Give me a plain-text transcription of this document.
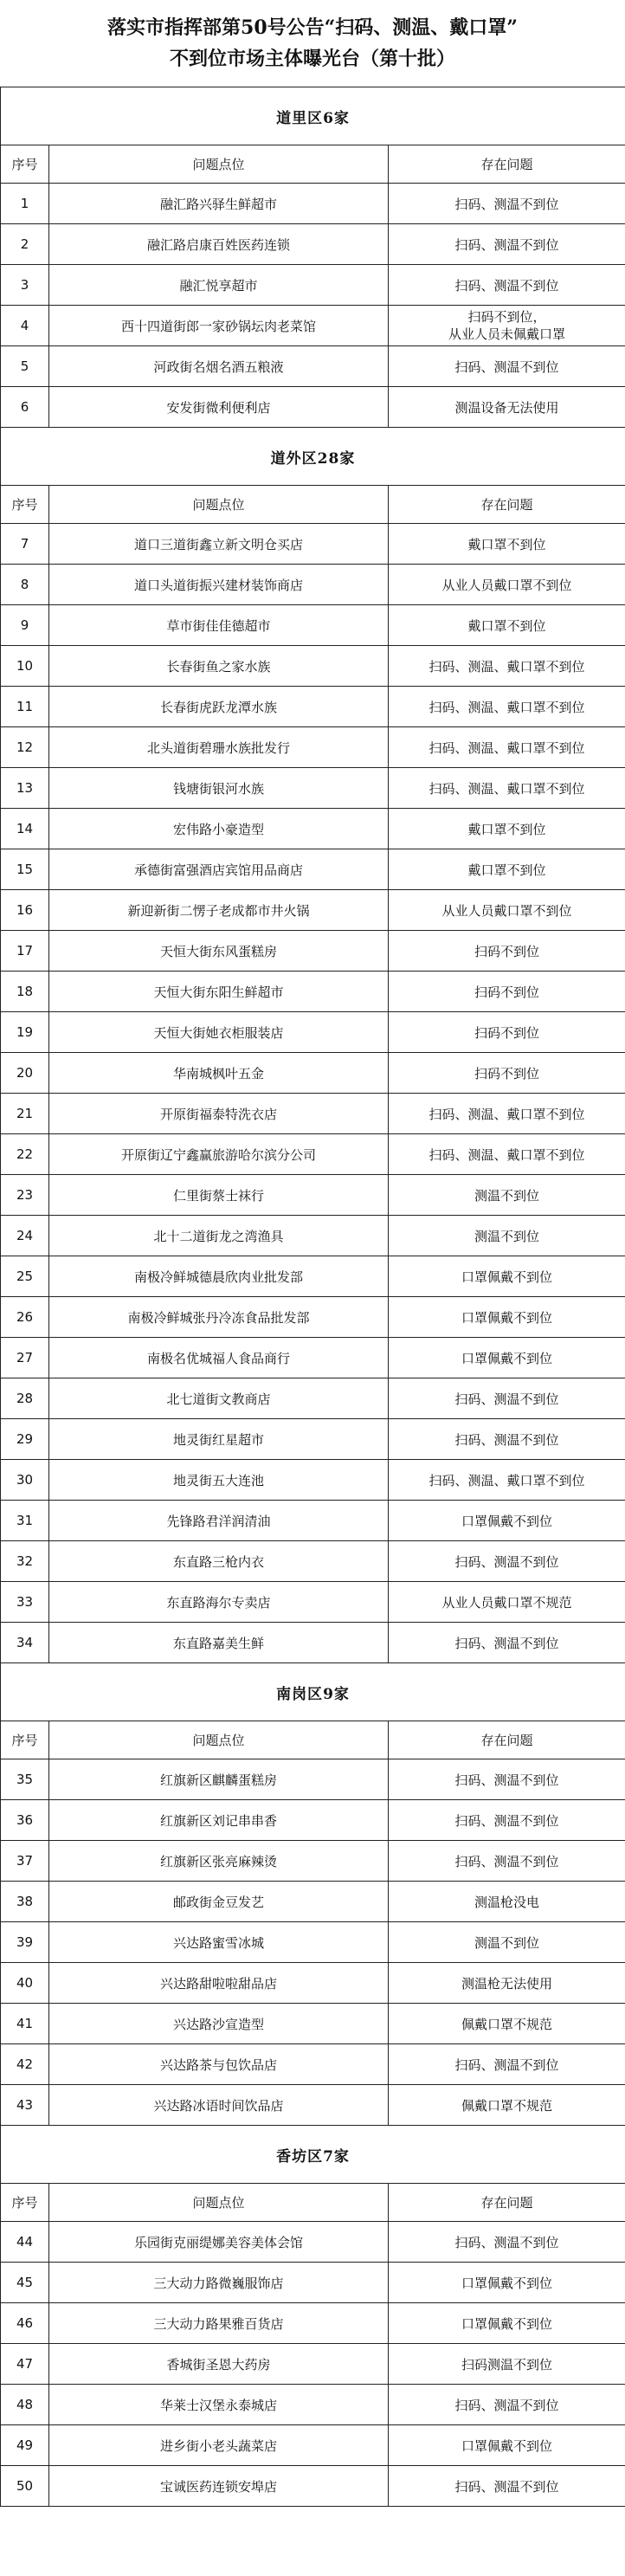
落实市指挥部第50号公告“扫码、测温、戴口罩”
不到位市场主体曝光台（第十批）
道里区6家		
序号	问题点位	存在问题
1	融汇路兴驿生鲜超市	扫码、测温不到位
2	融汇路启康百姓医药连锁	扫码、测温不到位
3	融汇悦享超市	扫码、测温不到位
4	西十四道街郎一家砂锅坛肉老菜馆	扫码不到位，
从业人员未佩戴口罩

5	河政街名烟名酒五粮液	扫码、测温不到位
6	安发街微利便利店	测温设备无法使用
道外区28家		
序号	问题点位	存在问题
7	道口三道街鑫立新文明仓买店	戴口罩不到位
8	道口头道街振兴建材装饰商店	从业人员戴口罩不到位
9	草市街佳佳德超市	戴口罩不到位
10	长春街鱼之家水族	扫码、测温、戴口罩不到位
11	长春街虎跃龙潭水族	扫码、测温、戴口罩不到位
12	北头道街碧珊水族批发行	扫码、测温、戴口罩不到位
13	钱塘街银河水族	扫码、测温、戴口罩不到位
14	宏伟路小豪造型	戴口罩不到位
15	承德街富强酒店宾馆用品商店	戴口罩不到位
16	新迎新街二愣子老成都市井火锅	从业人员戴口罩不到位
17	天恒大街东风蛋糕房	扫码不到位
18	天恒大街东阳生鲜超市	扫码不到位
19	天恒大街她衣柜服装店	扫码不到位
20	华南城枫叶五金	扫码不到位
21	开原街福泰特洗衣店	扫码、测温、戴口罩不到位
22	开原街辽宁鑫赢旅游哈尔滨分公司	扫码、测温、戴口罩不到位
23	仁里街蔡士袜行	测温不到位
24	北十二道街龙之湾渔具	测温不到位
25	南极冷鲜城德晨欣肉业批发部	口罩佩戴不到位
26	南极冷鲜城张丹冷冻食品批发部	口罩佩戴不到位
27	南极名优城福人食品商行	口罩佩戴不到位
28	北七道街文教商店	扫码、测温不到位
29	地灵街红星超市	扫码、测温不到位
30	地灵街五大连池	扫码、测温、戴口罩不到位
31	先锋路君洋润清油	口罩佩戴不到位
32	东直路三枪内衣	扫码、测温不到位
33	东直路海尔专卖店	从业人员戴口罩不规范
34	东直路嘉美生鲜	扫码、测温不到位
南岗区9家		
序号	问题点位	存在问题
35	红旗新区麒麟蛋糕房	扫码、测温不到位
36	红旗新区刘记串串香	扫码、测温不到位
37	红旗新区张亮麻辣烫	扫码、测温不到位
38	邮政街金豆发艺	测温枪没电
39	兴达路蜜雪冰城	测温不到位
40	兴达路甜啦啦甜品店	测温枪无法使用
41	兴达路沙宣造型	佩戴口罩不规范
42	兴达路茶与包饮品店	扫码、测温不到位
43	兴达路冰语时间饮品店	佩戴口罩不规范
香坊区7家		
序号	问题点位	存在问题
44	乐园街克丽缇娜美容美体会馆	扫码、测温不到位
45	三大动力路微巍服饰店	口罩佩戴不到位
46	三大动力路果雅百货店	口罩佩戴不到位
47	香城街圣恩大药房	扫码测温不到位
48	华莱士汉堡永泰城店	扫码、测温不到位
49	进乡街小老头蔬菜店	口罩佩戴不到位
50	宝诚医药连锁安埠店	扫码、测温不到位
